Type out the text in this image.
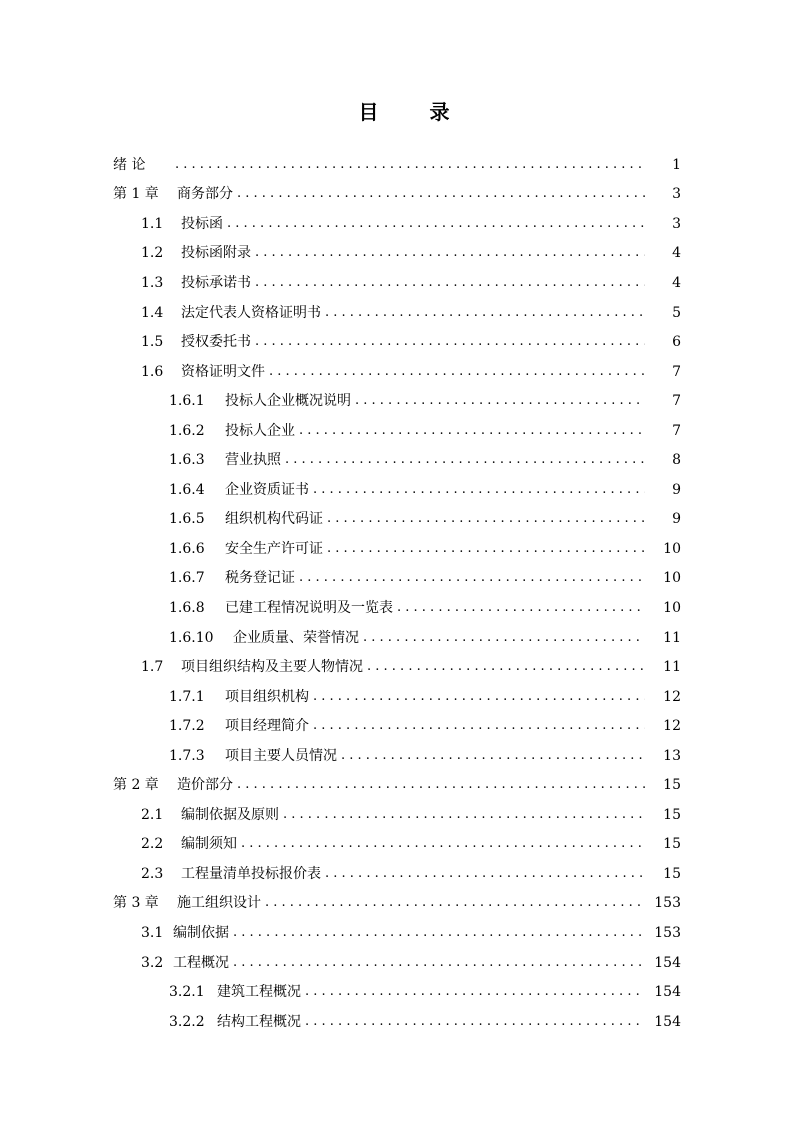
目 录
绪 论 . . .	1
第 1 章	商务部分 . . .	3
1.1	投标函 . . .	3
1.2	投标函附录 . . .	4
1.3	投标承诺书 . . .	4
1.4	法定代表人资格证明书 . . .	5
1.5	授权委托书 . . .	6
1.6	资格证明文件 . . .	7
1.6.1	投标人企业概况说明 . . .	7
1.6.2	投标人企业 . . .	7
1.6.3	营业执照 . . .	8
1.6.4	企业资质证书 . . .	9
1.6.5	组织机构代码证 . . .	9
1.6.6	安全生产许可证 . . .	10
1.6.7	税务登记证 . . .	10
1.6.8	已建工程情况说明及一览表 . . .	10
1.6.10	企业质量、荣誉情况 . . .	11
1.7	项目组织结构及主要人物情况 . . .	11
1.7.1	项目组织机构 . . .	12
1.7.2	项目经理简介 . . .	12
1.7.3	项目主要人员情况 . . .	13
第 2 章	造价部分 . . .	15
2.1	编制依据及原则 . . .	15
2.2	编制须知 . . .	15
2.3	工程量清单投标报价表 . . .	15
第 3 章	施工组织设计 . . .	153
3.1 编制依据 . . .	153
3.2 工程概况 . . .	154
3.2.1 建筑工程概况 . . .	154
3.2.2 结构工程概况 . . .	154
